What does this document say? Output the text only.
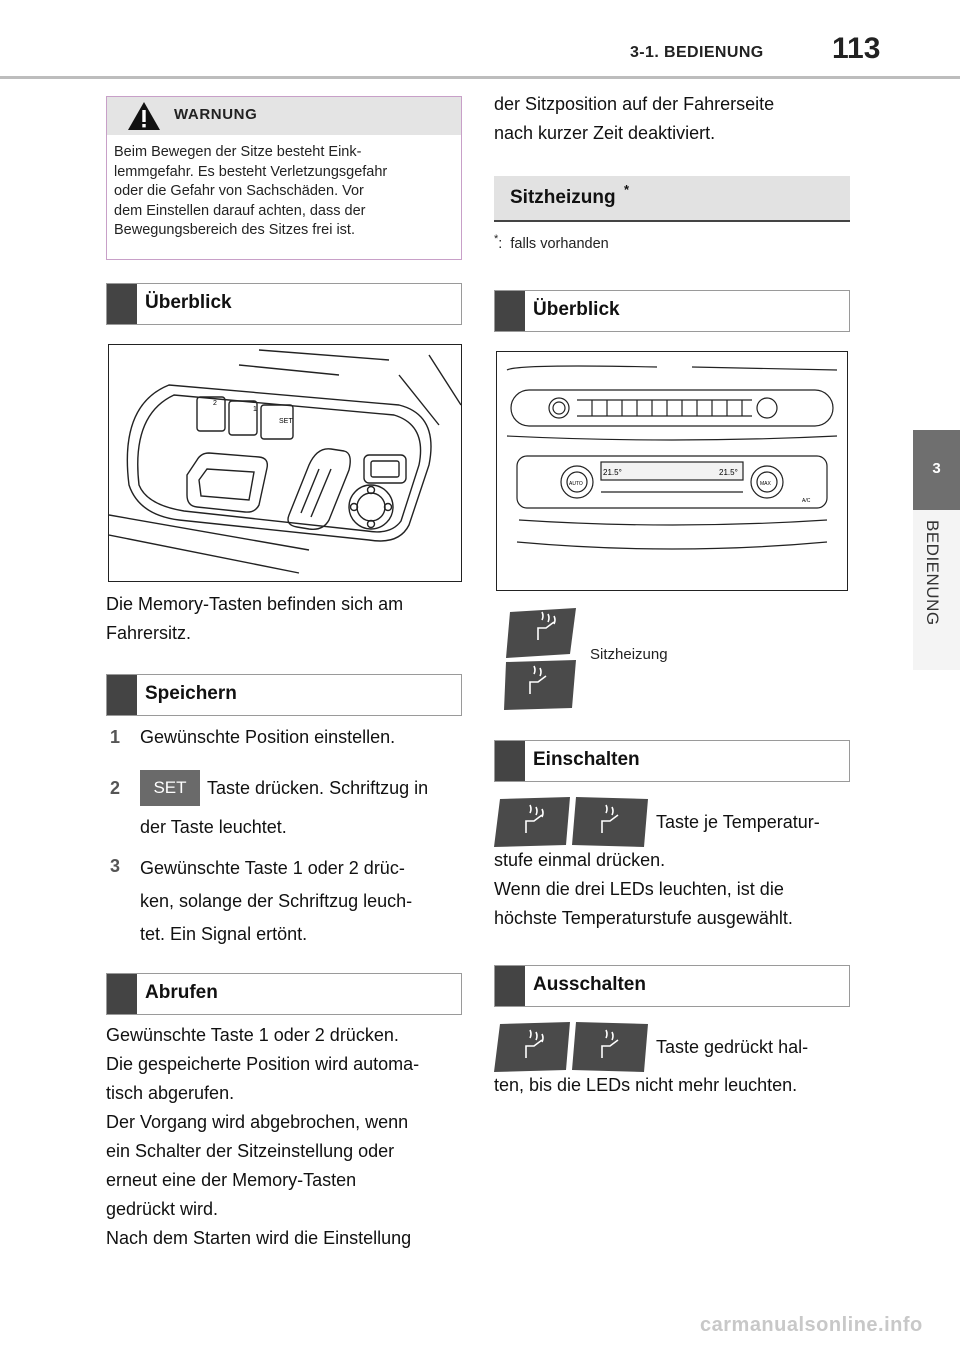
3-1. BEDIENUNG 113
3
BEDIENUNG
WARNUNG
Beim Bewegen der Sitze besteht Eink-
lemmgefahr. Es besteht Verletzungsgefahr
oder die Gefahr von Sachschäden. Vor
dem Einstellen darauf achten, dass der
Bewegungsbereich des Sitzes frei ist.
Überblick
2
1
SET
Die Memory-Tasten befinden sich am
Fahrersitz.
Speichern
1 Gewünschte Position einstellen.
2	SET	Taste drücken. Schriftzug in
der Taste leuchtet.
3 Gewünschte Taste 1 oder 2 drüc-
ken, solange der Schriftzug leuch-
tet. Ein Signal ertönt.
Abrufen
Gewünschte Taste 1 oder 2 drücken.
Die gespeicherte Position wird automa-
tisch abgerufen.
Der Vorgang wird abgebrochen, wenn
ein Schalter der Sitzeinstellung oder
erneut eine der Memory-Tasten
gedrückt wird.
Nach dem Starten wird die Einstellung
der Sitzposition auf der Fahrerseite
nach kurzer Zeit deaktiviert.
Sitzheizung *
*: falls vorhanden
Überblick
21.5°	21.5°
AUTO	MAX
A/C
Sitzheizung
Einschalten
Taste je Temperatur-
stufe einmal drücken.
Wenn die drei LEDs leuchten, ist die
höchste Temperaturstufe ausgewählt.
Ausschalten
Taste gedrückt hal-
ten, bis die LEDs nicht mehr leuchten.
carmanualsonline.info
